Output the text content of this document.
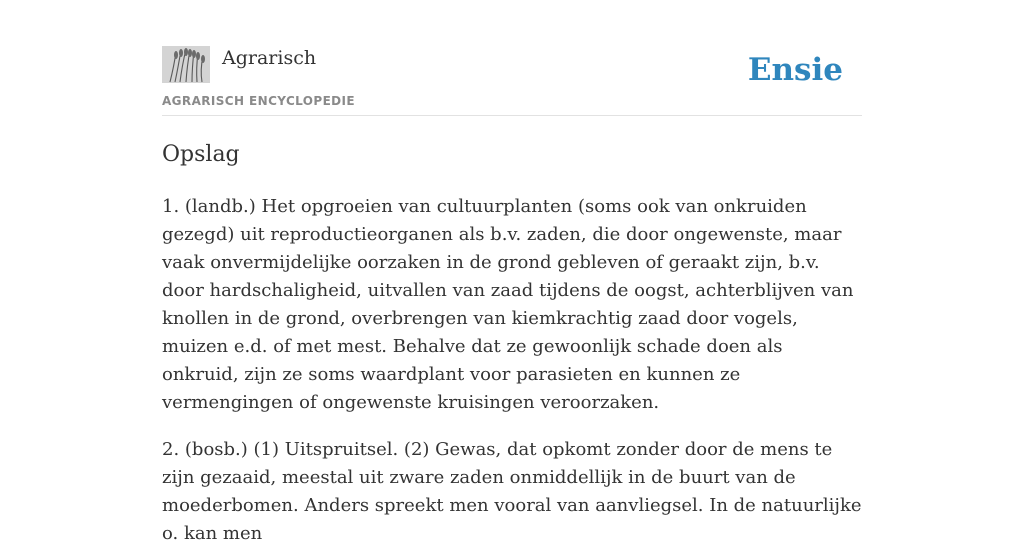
Agrarisch
AGRARISCH ENCYCLOPEDIE
Ensie
Opslag

1. (landb.) Het opgroeien van cultuurplanten (soms ook van onkruiden gezegd) uit reproductieorganen als b.v. zaden, die door ongewenste, maar vaak onvermijdelijke oorzaken in de grond gebleven of geraakt zijn, b.v. door hardschaligheid, uitvallen van zaad tijdens de oogst, achterblijven van knollen in de grond, overbrengen van kiemkrachtig zaad door vogels, muizen e.d. of met mest. Behalve dat ze gewoonlijk schade doen als onkruid, zijn ze soms waardplant voor parasieten en kunnen ze vermengingen of ongewenste kruisingen veroorzaken.

2. (bosb.) (1) Uitspruitsel. (2) Gewas, dat opkomt zonder door de mens te zijn gezaaid, meestal uit zware zaden onmiddellijk in de buurt van de moederbomen. Anders spreekt men vooral van aanvliegsel. In de natuurlijke o. kan men
